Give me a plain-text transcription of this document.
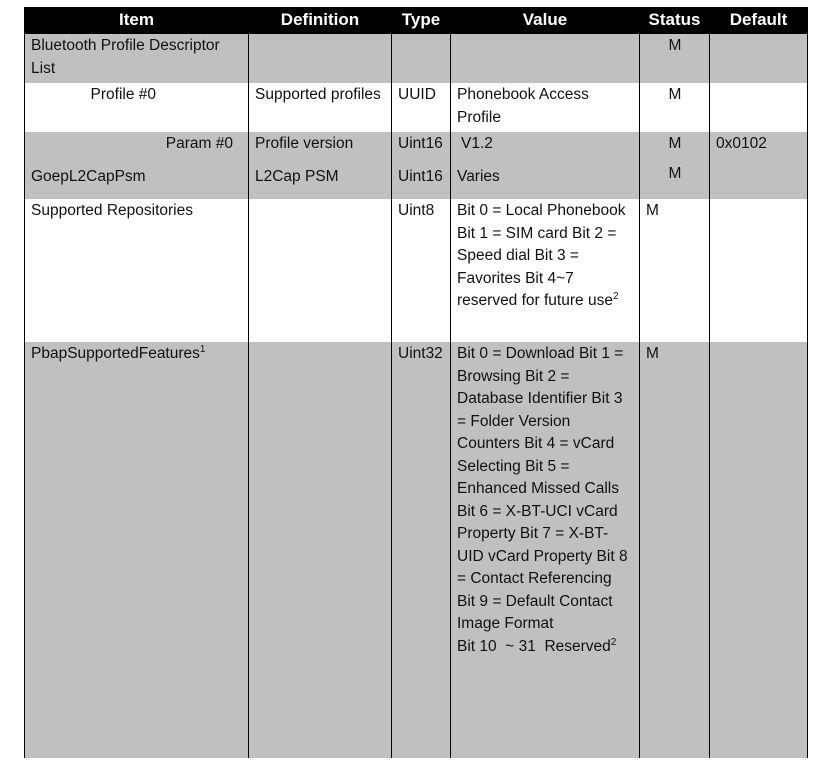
Item	Definition	Type	Value	Status	Default
Bluetooth Profile Descriptor List				M	
Profile #0	Supported profiles	UUID	Phonebook Access Profile	M	
Param #0	Profile version	Uint16	V1.2	M	0x0102
GoepL2CapPsm	L2Cap PSM	Uint16	Varies	M	
Supported Repositories		Uint8	Bit 0 = Local Phonebook Bit 1 = SIM card Bit 2 = Speed dial Bit 3 = Favorites Bit 4~7 reserved for future use$^2$	M	
PbapSupportedFeatures$^1$		Uint32	Bit 0 = Download Bit 1 = Browsing Bit 2 = Database Identifier Bit 3 = Folder Version Counters Bit 4 = vCard Selecting Bit 5 = Enhanced Missed Calls Bit 6 = X-BT-UCI vCard Property Bit 7 = X-BT-UID vCard Property Bit 8 = Contact Referencing Bit 9 = Default Contact Image Format Bit 10  ~ 31  Reserved$^2$	M	
